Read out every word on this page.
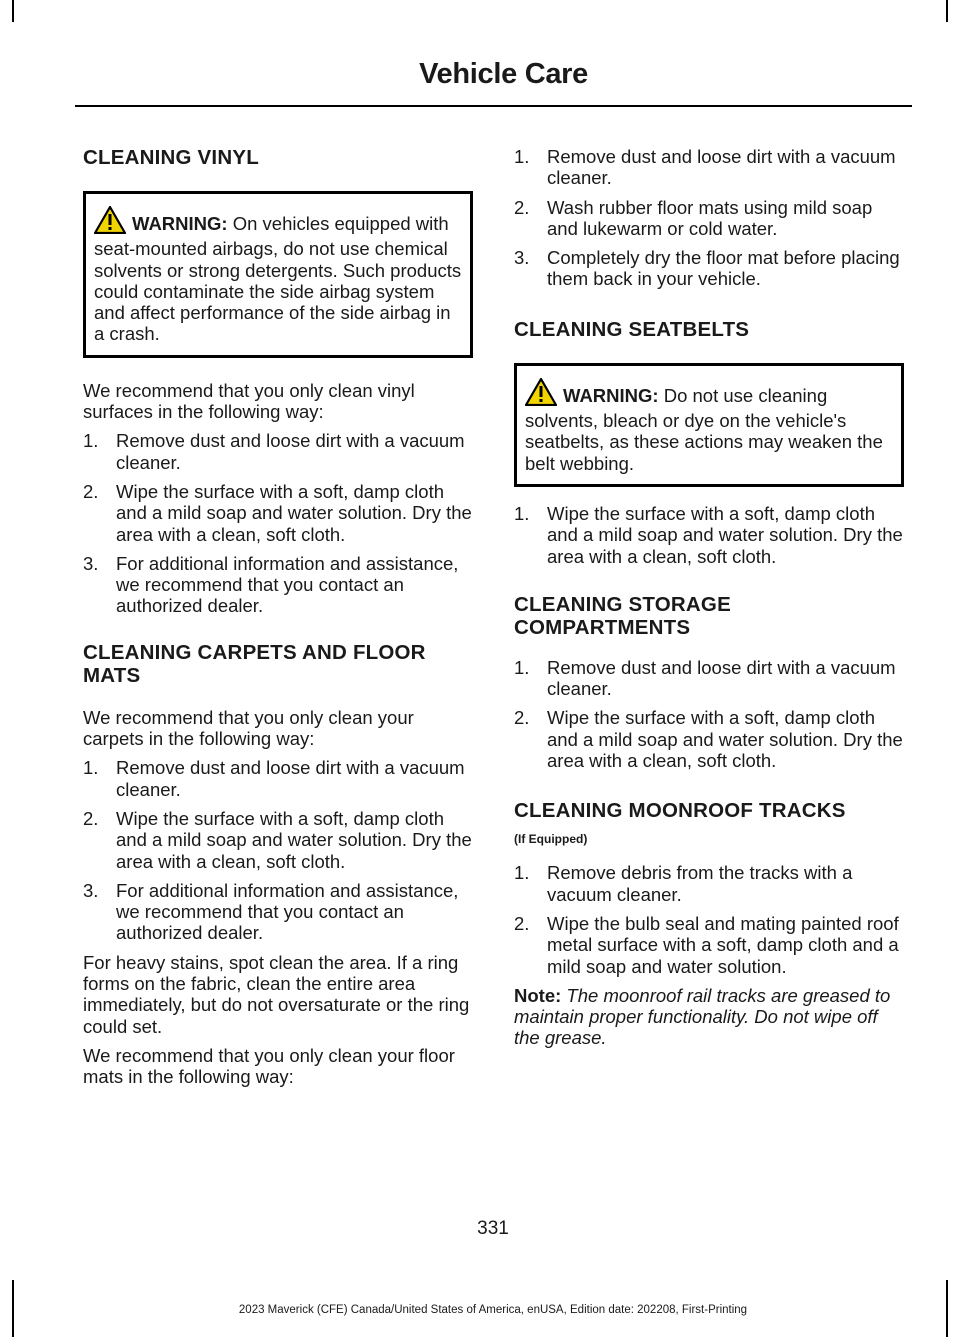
Vehicle Care
CLEANING VINYL
WARNING: On vehicles equipped with seat-mounted airbags, do not use chemical solvents or strong detergents. Such products could contaminate the side airbag system and affect performance of the side airbag in a crash.

We recommend that you only clean vinyl surfaces in the following way:

1. Remove dust and loose dirt with a vacuum cleaner.
2. Wipe the surface with a soft, damp cloth and a mild soap and water solution. Dry the area with a clean, soft cloth.
3. For additional information and assistance, we recommend that you contact an authorized dealer.
CLEANING CARPETS AND FLOOR MATS

We recommend that you only clean your carpets in the following way:

1. Remove dust and loose dirt with a vacuum cleaner.
2. Wipe the surface with a soft, damp cloth and a mild soap and water solution. Dry the area with a clean, soft cloth.
3. For additional information and assistance, we recommend that you contact an authorized dealer.

For heavy stains, spot clean the area. If a ring forms on the fabric, clean the entire area immediately, but do not oversaturate or the ring could set.

We recommend that you only clean your floor mats in the following way:

1. Remove dust and loose dirt with a vacuum cleaner.
2. Wash rubber floor mats using mild soap and lukewarm or cold water.
3. Completely dry the floor mat before placing them back in your vehicle.
CLEANING SEATBELTS
WARNING: Do not use cleaning solvents, bleach or dye on the vehicle's seatbelts, as these actions may weaken the belt webbing.
1. Wipe the surface with a soft, damp cloth and a mild soap and water solution. Dry the area with a clean, soft cloth.
CLEANING STORAGE COMPARTMENTS
1. Remove dust and loose dirt with a vacuum cleaner.
2. Wipe the surface with a soft, damp cloth and a mild soap and water solution. Dry the area with a clean, soft cloth.
CLEANING MOONROOF TRACKS
(If Equipped)
1. Remove debris from the tracks with a vacuum cleaner.
2. Wipe the bulb seal and mating painted roof metal surface with a soft, damp cloth and a mild soap and water solution.

Note: The moonroof rail tracks are greased to maintain proper functionality. Do not wipe off the grease.

331
2023 Maverick (CFE) Canada/United States of America, enUSA, Edition date: 202208, First-Printing
